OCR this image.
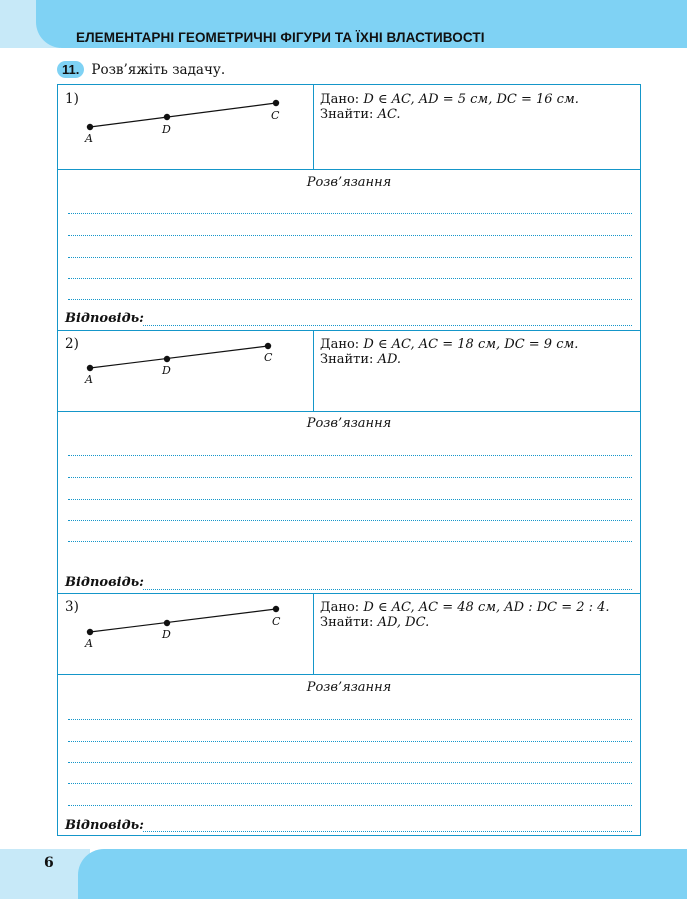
ЕЛЕМЕНТАРНІ ГЕОМЕТРИЧНІ ФІГУРИ ТА ЇХНІ ВЛАСТИВОСТІ
11. Розв’яжіть задачу.
1)
A
D
C
Дано: D ∈ AC, AD = 5 см, DC = 16 см.
Знайти: AC.
Розв’язання
Відповідь:
2)
A
D
C
Дано: D ∈ AC, AC = 18 см, DC = 9 см.
Знайти: AD.
Розв’язання
Відповідь:
3)
A
D
C
Дано: D ∈ AC, AC = 48 см, AD : DC = 2 : 4.
Знайти: AD, DC.
Розв’язання
Відповідь:
6
